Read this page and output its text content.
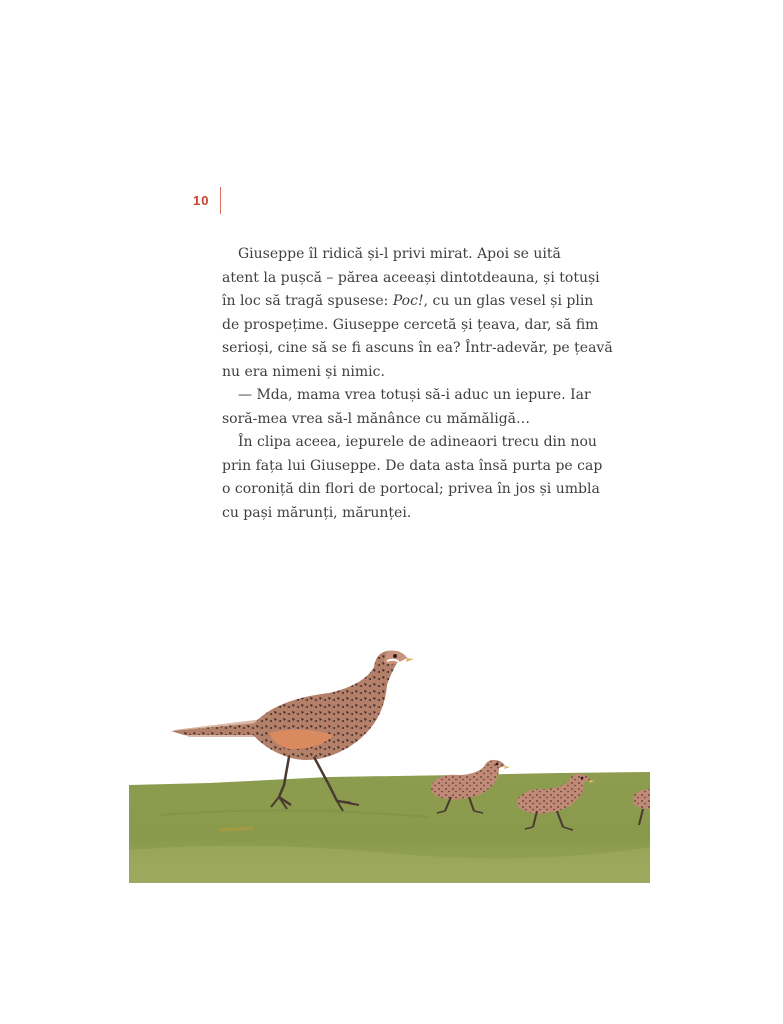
10
Giuseppe îl ridică și-l privi mirat. Apoi se uită
atent la pușcă – părea aceeași dintotdeauna, și totuși
în loc să tragă spusese: Poc!, cu un glas vesel și plin
de prospețime. Giuseppe cercetă și țeava, dar, să fim
serioși, cine să se fi ascuns în ea? Într-adevăr, pe țeavă
nu era nimeni și nimic.
— Mda, mama vrea totuși să-i aduc un iepure. Iar
soră-mea vrea să-l mănânce cu mămăligă…
În clipa aceea, iepurele de adineaori trecu din nou
prin fața lui Giuseppe. De data asta însă purta pe cap
o coroniță din flori de portocal; privea în jos și umbla
cu pași mărunți, mărunței.
